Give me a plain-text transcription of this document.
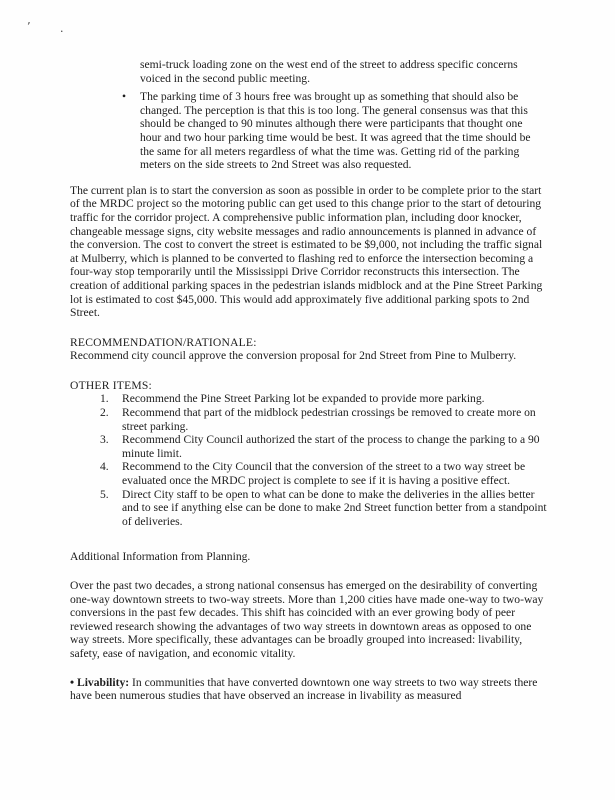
’	.
semi-truck loading zone on the west end of the street to address specific concerns voiced in the second public meeting.
•	The parking time of 3 hours free was brought up as something that should also be changed. The perception is that this is too long. The general consensus was that this should be changed to 90 minutes although there were participants that thought one hour and two hour parking time would be best. It was agreed that the time should be the same for all meters regardless of what the time was. Getting rid of the parking meters on the side streets to 2nd Street was also requested.
The current plan is to start the conversion as soon as possible in order to be complete prior to the start of the MRDC project so the motoring public can get used to this change prior to the start of detouring traffic for the corridor project. A comprehensive public information plan, including door knocker, changeable message signs, city website messages and radio announcements is planned in advance of the conversion. The cost to convert the street is estimated to be $9,000, not including the traffic signal at Mulberry, which is planned to be converted to flashing red to enforce the intersection becoming a four-way stop temporarily until the Mississippi Drive Corridor reconstructs this intersection. The creation of additional parking spaces in the pedestrian islands midblock and at the Pine Street Parking lot is estimated to cost $45,000. This would add approximately five additional parking spots to 2nd Street.
RECOMMENDATION/RATIONALE:
Recommend city council approve the conversion proposal for 2nd Street from Pine to Mulberry.
OTHER ITEMS:
1.	Recommend the Pine Street Parking lot be expanded to provide more parking.
2.	Recommend that part of the midblock pedestrian crossings be removed to create more on street parking.
3.	Recommend City Council authorized the start of the process to change the parking to a 90 minute limit.
4.	Recommend to the City Council that the conversion of the street to a two way street be evaluated once the MRDC project is complete to see if it is having a positive effect.
5.	Direct City staff to be open to what can be done to make the deliveries in the allies better and to see if anything else can be done to make 2nd Street function better from a standpoint of deliveries.
Additional Information from Planning.
Over the past two decades, a strong national consensus has emerged on the desirability of converting one-way downtown streets to two-way streets. More than 1,200 cities have made one-way to two-way conversions in the past few decades. This shift has coincided with an ever growing body of peer reviewed research showing the advantages of two way streets in downtown areas as opposed to one way streets. More specifically, these advantages can be broadly grouped into increased: livability, safety, ease of navigation, and economic vitality.
• Livability: In communities that have converted downtown one way streets to two way streets there have been numerous studies that have observed an increase in livability as measured
